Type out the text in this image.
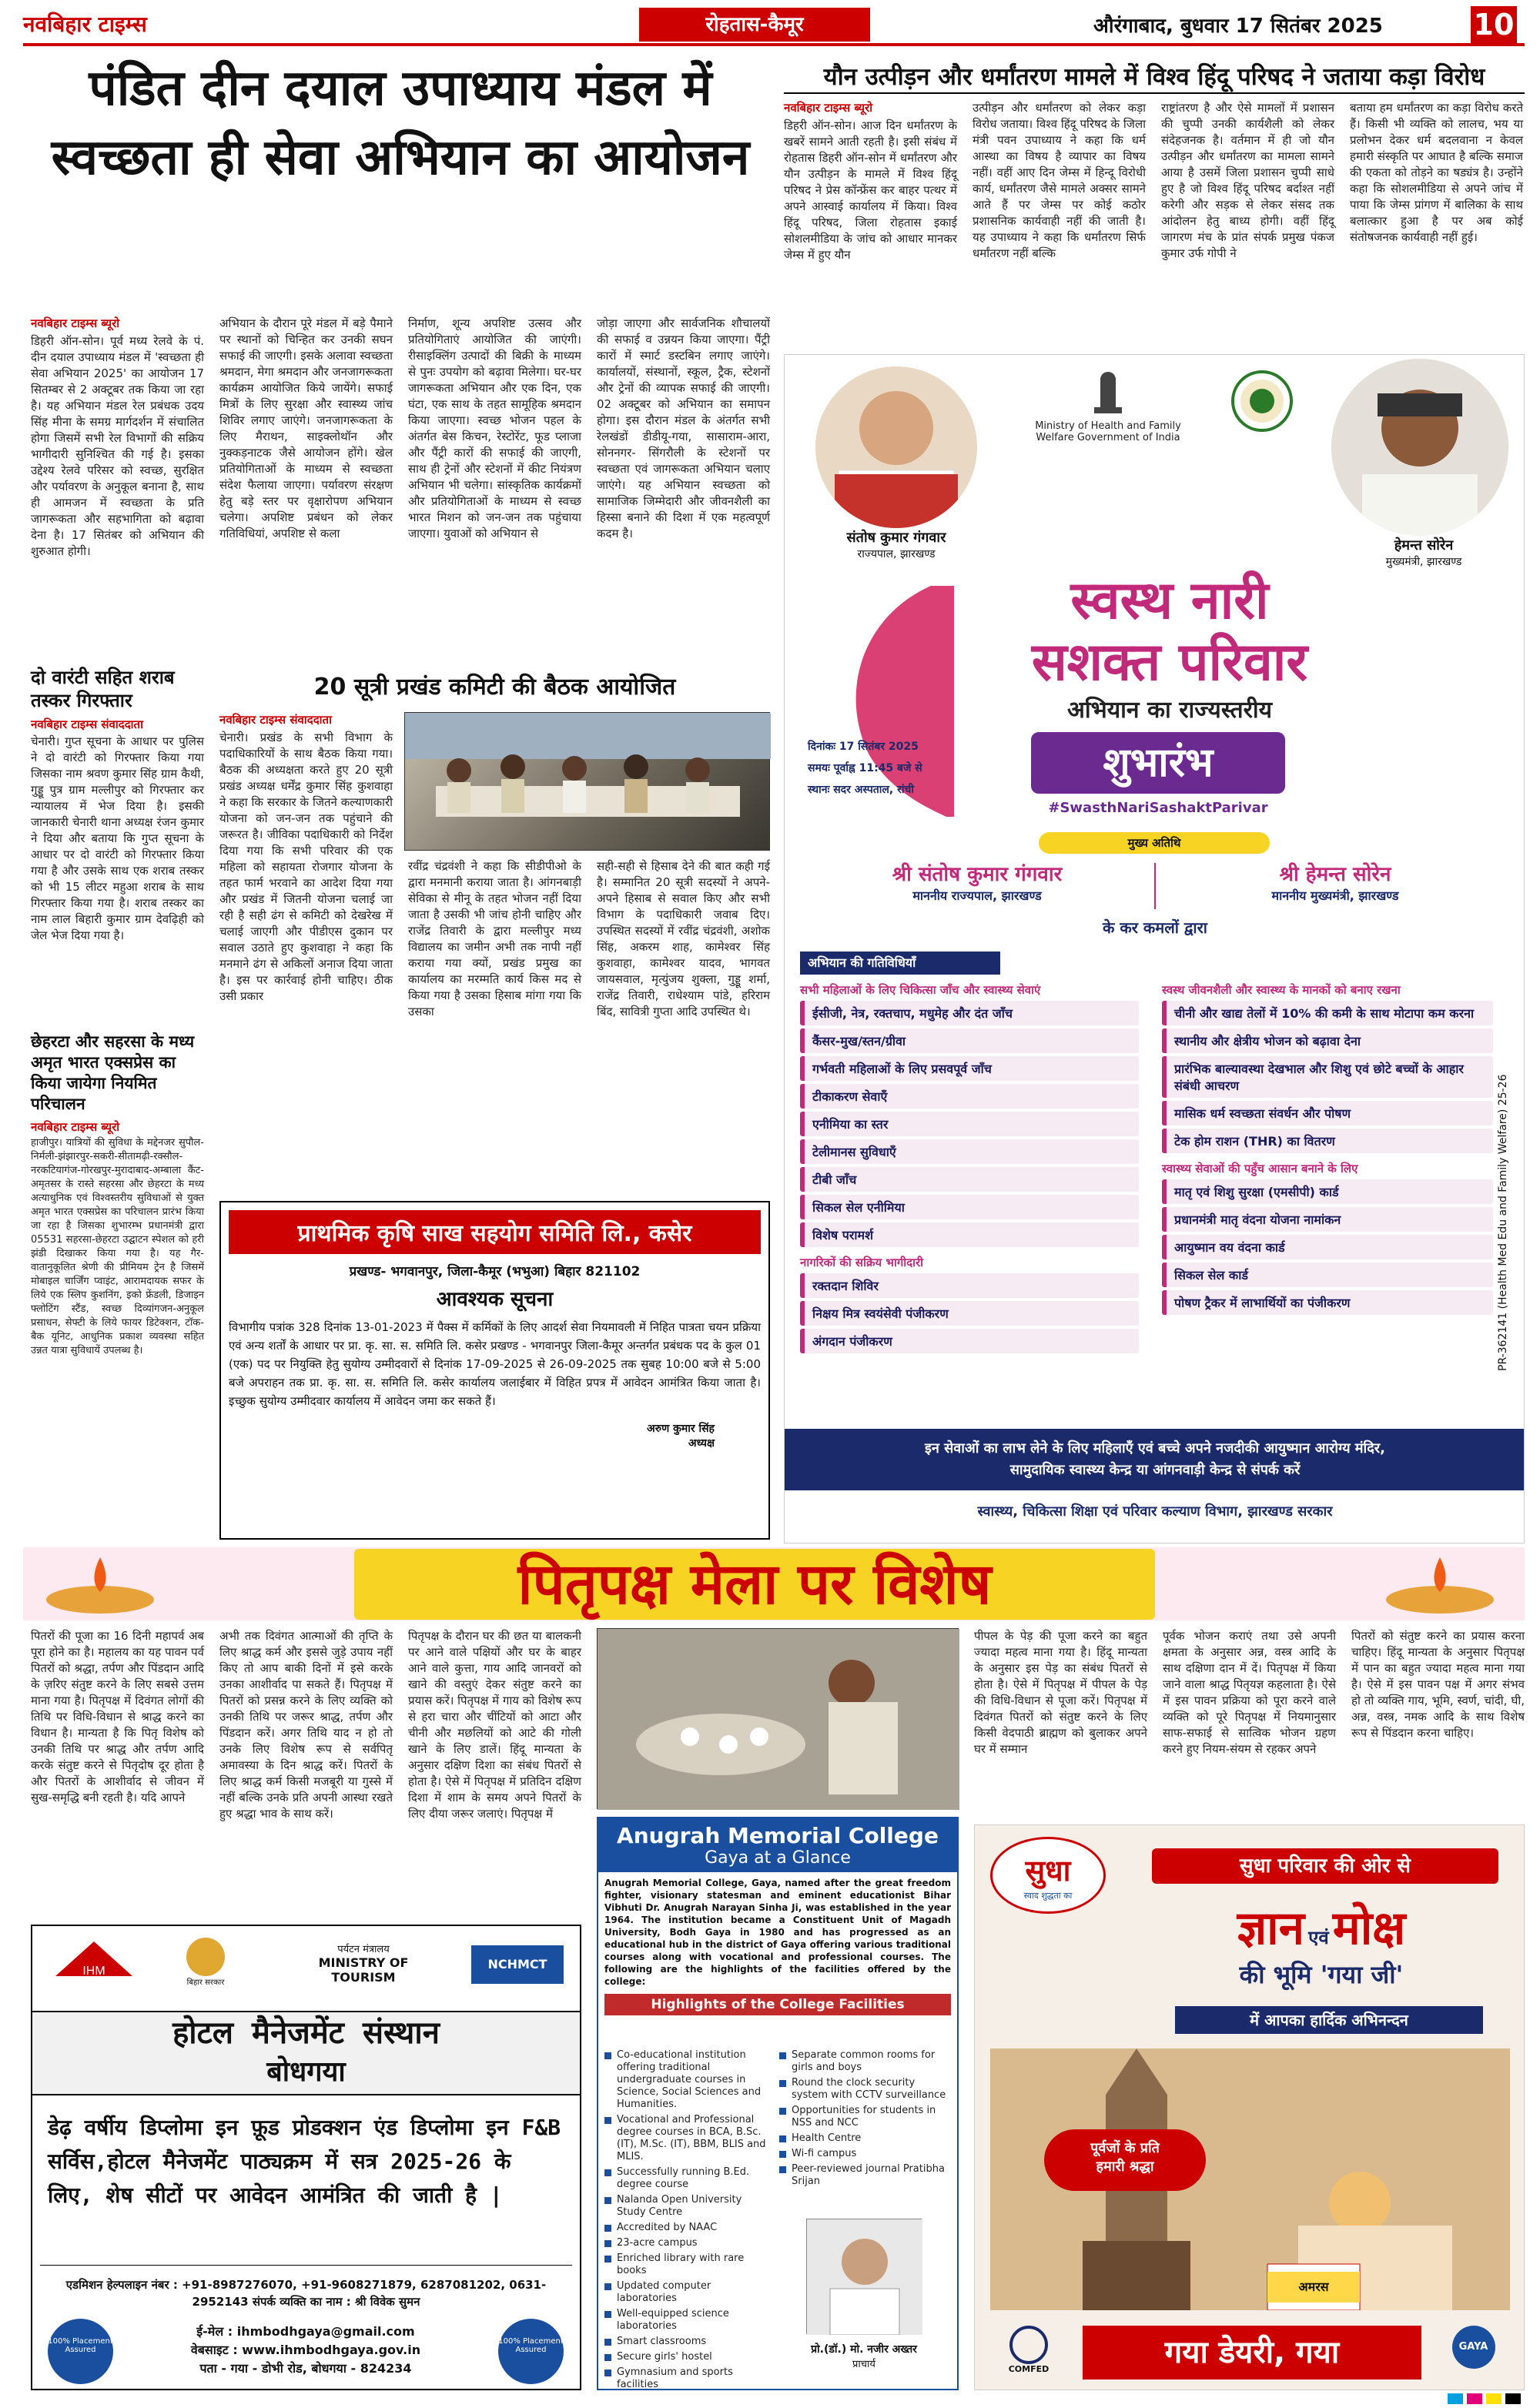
नवबिहार टाइम्स	रोहतास-कैमूर	औरंगाबाद, बुधवार 17 सितंबर 2025	10
पंडित दीन दयाल उपाध्याय मंडल में
स्वच्छता ही सेवा अभियान का आयोजन
यौन उत्पीड़न और धर्मांतरण मामले में विश्व हिंदू परिषद ने जताया कड़ा विरोध
नवबिहार टाइम्स ब्यूरो
डिहरी ऑन-सोन। आज दिन धर्मांतरण के खबरें सामने आती रहती है। इसी संबंध में रोहतास डिहरी ऑन-सोन में धर्मांतरण और यौन उत्पीड़न के मामले में विश्व हिंदू परिषद ने प्रेस कॉन्फ्रेंस कर बाहर पत्थर में अपने आस्वाई कार्यालय में किया। विश्व हिंदू परिषद, जिला रोहतास इकाई सोशलमीडिया के जांच को आधार मानकर जेम्स में हुए यौन
उत्पीड़न और धर्मांतरण को लेकर कड़ा विरोध जताया। विश्व हिंदू परिषद के जिला मंत्री पवन उपाध्याय ने कहा कि धर्म आस्था का विषय है व्यापार का विषय नहीं। वहीं आए दिन जेम्स में हिन्दू विरोधी कार्य, धर्मांतरण जैसे मामले अक्सर सामने आते हैं पर जेम्स पर कोई कठोर प्रशासनिक कार्यवाही नहीं की जाती है। यह उपाध्याय ने कहा कि धर्मांतरण सिर्फ धर्मांतरण नहीं बल्कि
राष्ट्रांतरण है और ऐसे मामलों में प्रशासन की चुप्पी उनकी कार्यशैली को लेकर संदेहजनक है। वर्तमान में ही जो यौन उत्पीड़न और धर्मांतरण का मामला सामने आया है उसमें जिला प्रशासन चुप्पी साधे हुए है जो विश्व हिंदू परिषद बर्दाश्त नहीं करेगी और सड़क से लेकर संसद तक आंदोलन हेतु बाध्य होगी। वहीं हिंदू जागरण मंच के प्रांत संपर्क प्रमुख पंकज कुमार उर्फ गोपी ने
बताया हम धर्मांतरण का कड़ा विरोध करते हैं। किसी भी व्यक्ति को लालच, भय या प्रलोभन देकर धर्म बदलवाना न केवल हमारी संस्कृति पर आघात है बल्कि समाज की एकता को तोड़ने का षड्यंत्र है। उन्होंने कहा कि सोशलमीडिया से अपने जांच में पाया कि जेम्स प्रांगण में बालिका के साथ बलात्कार हुआ है पर अब कोई संतोषजनक कार्यवाही नहीं हुई।
नवबिहार टाइम्स ब्यूरो
डिहरी ऑन-सोन। पूर्व मध्य रेलवे के पं. दीन दयाल उपाध्याय मंडल में 'स्वच्छता ही सेवा अभियान 2025' का आयोजन 17 सितम्बर से 2 अक्टूबर तक किया जा रहा है। यह अभियान मंडल रेल प्रबंधक उदय सिंह मीना के समग्र मार्गदर्शन में संचालित होगा जिसमें सभी रेल विभागों की सक्रिय भागीदारी सुनिश्चित की गई है। इसका उद्देश्य रेलवे परिसर को स्वच्छ, सुरक्षित और पर्यावरण के अनुकूल बनाना है, साथ ही आमजन में स्वच्छता के प्रति जागरूकता और सहभागिता को बढ़ावा देना है। 17 सितंबर को अभियान की शुरुआत होगी।
अभियान के दौरान पूरे मंडल में बड़े पैमाने पर स्थानों को चिन्हित कर उनकी सघन सफाई की जाएगी। इसके अलावा स्वच्छता श्रमदान, मेगा श्रमदान और जनजागरूकता कार्यक्रम आयोजित किये जायेंगे। सफाई मित्रों के लिए सुरक्षा और स्वास्थ्य जांच शिविर लगाए जाएंगे। जनजागरूकता के लिए मैराथन, साइक्लोथॉन और नुक्कड़नाटक जैसे आयोजन होंगे। खेल प्रतियोगिताओं के माध्यम से स्वच्छता संदेश फैलाया जाएगा। पर्यावरण संरक्षण हेतु बड़े स्तर पर वृक्षारोपण अभियान चलेगा। अपशिष्ट प्रबंधन को लेकर गतिविधियां, अपशिष्ट से कला
निर्माण, शून्य अपशिष्ट उत्सव और प्रतियोगिताएं आयोजित की जाएंगी। रीसाइक्लिंग उत्पादों की बिक्री के माध्यम से पुनः उपयोग को बढ़ावा मिलेगा। घर-घर जागरूकता अभियान और एक दिन, एक घंटा, एक साथ के तहत सामूहिक श्रमदान किया जाएगा। स्वच्छ भोजन पहल के अंतर्गत बेस किचन, रेस्टोरेंट, फूड प्लाजा और पैंट्री कारों की सफाई की जाएगी, साथ ही ट्रेनों और स्टेशनों में कीट नियंत्रण अभियान भी चलेगा। सांस्कृतिक कार्यक्रमों और प्रतियोगिताओं के माध्यम से स्वच्छ भारत मिशन को जन-जन तक पहुंचाया जाएगा। युवाओं को अभियान से
जोड़ा जाएगा और सार्वजनिक शौचालयों की सफाई व उन्नयन किया जाएगा। पैंट्री कारों में स्मार्ट डस्टबिन लगाए जाएंगे। कार्यालयों, संस्थानों, स्कूल, ट्रैक, स्टेशनों और ट्रेनों की व्यापक सफाई की जाएगी। 02 अक्टूबर को अभियान का समापन होगा। इस दौरान मंडल के अंतर्गत सभी रेलखंडों डीडीयू-गया, सासाराम-आरा, सोननगर- सिंगरौली के स्टेशनों पर स्वच्छता एवं जागरूकता अभियान चलाए जाएंगे। यह अभियान स्वच्छता को सामाजिक जिम्मेदारी और जीवनशैली का हिस्सा बनाने की दिशा में एक महत्वपूर्ण कदम है।
दो वारंटी सहित शराब तस्कर गिरफ्तार
नवबिहार टाइम्स संवाददाता
चेनारी। गुप्त सूचना के आधार पर पुलिस ने दो वारंटी को गिरफ्तार किया गया जिसका नाम श्रवण कुमार सिंह ग्राम कैथी, गुड्डू पुत्र ग्राम मल्लीपुर को गिरफ्तार कर न्यायालय में भेज दिया है। इसकी जानकारी चेनारी थाना अध्यक्ष रंजन कुमार ने दिया और बताया कि गुप्त सूचना के आधार पर दो वारंटी को गिरफ्तार किया गया है और उसके साथ एक शराब तस्कर को भी 15 लीटर महुआ शराब के साथ गिरफ्तार किया गया है। शराब तस्कर का नाम लाल बिहारी कुमार ग्राम देवढ़िही को जेल भेज दिया गया है।
छेहरटा और सहरसा के मध्य अमृत भारत एक्सप्रेस का किया जायेगा नियमित परिचालन
नवबिहार टाइम्स ब्यूरो
हाजीपुर। यात्रियों की सुविधा के मद्देनजर सुपौल-निर्मली-झंझारपुर-सकरी-सीतामढ़ी-रक्सौल-नरकटियागंज-गोरखपुर-मुरादाबाद-अम्बाला कैंट-अमृतसर के रास्ते सहरसा और छेहरटा के मध्य अत्याधुनिक एवं विश्वस्तरीय सुविधाओं से युक्त अमृत भारत एक्सप्रेस का परिचालन प्रारंभ किया जा रहा है जिसका शुभारम्भ प्रधानमंत्री द्वारा 05531 सहरसा-छेहरटा उद्घाटन स्पेशल को हरी झंडी दिखाकर किया गया है। यह गैर-वातानुकूलित श्रेणी की प्रीमियम ट्रेन है जिसमें मोबाइल चार्जिंग प्वाइंट, आरामदायक सफर के लिये एक स्लिप कुशनिंग, इको फ्रेंडली, डिजाइन फ्लोटिंग स्टैंड, स्वच्छ दिव्यांगजन-अनुकूल प्रसाधन, सेफ्टी के लिये फायर डिटेक्शन, टॉक-बैक यूनिट, आधुनिक प्रकाश व्यवस्था सहित उन्नत यात्रा सुविधायें उपलब्ध है।
20 सूत्री प्रखंड कमिटी की बैठक आयोजित
नवबिहार टाइम्स संवाददाता
चेनारी। प्रखंड के सभी विभाग के पदाधिकारियों के साथ बैठक किया गया। बैठक की अध्यक्षता करते हुए 20 सूत्री प्रखंड अध्यक्ष धर्मेंद्र कुमार सिंह कुशवाहा ने कहा कि सरकार के जितने कल्याणकारी योजना को जन-जन तक पहुंचाने की जरूरत है। जीविका पदाधिकारी को निर्देश दिया गया कि सभी परिवार की एक महिला को सहायता रोजगार योजना के तहत फार्म भरवाने का आदेश दिया गया और प्रखंड में जितनी योजना चलाई जा रही है सही ढंग से कमिटी को देखरेख में चलाई जाएगी और पीडीएस दुकान पर सवाल उठाते हुए कुशवाहा ने कहा कि मनमाने ढंग से अकिलों अनाज दिया जाता है। इस पर कार्रवाई होनी चाहिए। ठीक उसी प्रकार
रवींद्र चंद्रवंशी ने कहा कि सीडीपीओ के द्वारा मनमानी कराया जाता है। आंगनबाड़ी सेविका से मीनू के तहत भोजन नहीं दिया जाता है उसकी भी जांच होनी चाहिए और राजेंद्र तिवारी के द्वारा मल्लीपुर मध्य विद्यालय का जमीन अभी तक नापी नहीं कराया गया क्यों, प्रखंड प्रमुख का कार्यालय का मरम्मति कार्य किस मद से किया गया है उसका हिसाब मांगा गया कि उसका
सही-सही से हिसाब देने की बात कही गई है। सम्मानित 20 सूत्री सदस्यों ने अपने-अपने हिसाब से सवाल किए और सभी विभाग के पदाधिकारी जवाब दिए। उपस्थित सदस्यों में रवींद्र चंद्रवंशी, अशोक सिंह, अकरम शाह, कामेश्वर सिंह कुशवाहा, कामेश्वर यादव, भागवत जायसवाल, मृत्युंजय शुक्ला, गुड्डू शर्मा, राजेंद्र तिवारी, राधेश्याम पांडे, हरिराम बिंद, सावित्री गुप्ता आदि उपस्थित थे।
प्राथमिक कृषि साख सहयोग समिति लि., कसेर
प्रखण्ड- भगवानपुर, जिला-कैमूर (भभुआ) बिहार 821102
आवश्यक सूचना
विभागीय पत्रांक 328 दिनांक 13-01-2023 में पैक्स में कर्मिकों के लिए आदर्श सेवा नियमावली में निहित पात्रता चयन प्रक्रिया एवं अन्य शर्तों के आधार पर प्रा. कृ. सा. स. समिति लि. कसेर प्रखण्ड - भगवानपुर जिला-कैमूर अन्तर्गत प्रबंधक पद के कुल 01 (एक) पद पर नियुक्ति हेतु सुयोग्य उम्मीदवारों से दिनांक 17-09-2025 से 26-09-2025 तक सुबह 10:00 बजे से 5:00 बजे अपराहन तक प्रा. कृ. सा. स. समिति लि. कसेर कार्यालय जलाईबार में विहित प्रपत्र में आवेदन आमंत्रित किया जाता है। इच्छुक सुयोग्य उम्मीदवार कार्यालय में आवेदन जमा कर सकते हैं।
अरुण कुमार सिंह
अध्यक्ष
Ministry of Health and Family Welfare Government of India
संतोष कुमार गंगवार
राज्यपाल, झारखण्ड
हेमन्त सोरेन
मुख्यमंत्री, झारखण्ड
स्वस्थ नारी
सशक्त परिवार
अभियान का राज्यस्तरीय
शुभारंभ
#SwasthNariSashaktParivar
दिनांकः 17 सितंबर 2025
समयः पूर्वाह्न 11:45 बजे से
स्थानः सदर अस्पताल, रांची
मुख्य अतिथि
श्री संतोष कुमार गंगवार
माननीय राज्यपाल, झारखण्ड
श्री हेमन्त सोरेन
माननीय मुख्यमंत्री, झारखण्ड
के कर कमलों द्वारा
अभियान की गतिविधियाँ
सभी महिलाओं के लिए चिकित्सा जाँच और स्वास्थ्य सेवाएं
ईसीजी, नेत्र, रक्तचाप, मधुमेह और दंत जाँच
कैंसर-मुख/स्तन/ग्रीवा
गर्भवती महिलाओं के लिए प्रसवपूर्व जाँच
टीकाकरण सेवाएँ
एनीमिया का स्तर
टेलीमानस सुविधाएँ
टीबी जाँच
सिकल सेल एनीमिया
विशेष परामर्श
नागरिकों की सक्रिय भागीदारी
रक्तदान शिविर
निक्षय मित्र स्वयंसेवी पंजीकरण
अंगदान पंजीकरण
स्वस्थ जीवनशैली और स्वास्थ्य के मानकों को बनाए रखना
चीनी और खाद्य तेलों में 10% की कमी के साथ मोटापा कम करना
स्थानीय और क्षेत्रीय भोजन को बढ़ावा देना
प्रारंभिक बाल्यावस्था देखभाल और शिशु एवं छोटे बच्चों के आहार संबंधी आचरण
मासिक धर्म स्वच्छता संवर्धन और पोषण
टेक होम राशन (THR) का वितरण
स्वास्थ्य सेवाओं की पहुँच आसान बनाने के लिए
मातृ एवं शिशु सुरक्षा (एमसीपी) कार्ड
प्रधानमंत्री मातृ वंदना योजना नामांकन
आयुष्मान वय वंदना कार्ड
सिकल सेल कार्ड
पोषण ट्रैकर में लाभार्थियों का पंजीकरण	PR-362141 (Health Med Edu and Family Welfare) 25-26
इन सेवाओं का लाभ लेने के लिए महिलाएँ एवं बच्चे अपने नजदीकी आयुष्मान आरोग्य मंदिर,
सामुदायिक स्वास्थ्य केन्द्र या आंगनवाड़ी केन्द्र से संपर्क करें
स्वास्थ्य, चिकित्सा शिक्षा एवं परिवार कल्याण विभाग, झारखण्ड सरकार
पितृपक्ष मेला पर विशेष
पितरों की पूजा का 16 दिनी महापर्व अब पूरा होने का है। महालय का यह पावन पर्व पितरों को श्रद्धा, तर्पण और पिंडदान आदि के ज़रिए संतुष्ट करने के लिए सबसे उत्तम माना गया है। पितृपक्ष में दिवंगत लोगों की तिथि पर विधि-विधान से श्राद्ध करने का विधान है। मान्यता है कि पितृ विशेष को उनकी तिथि पर श्राद्ध और तर्पण आदि करके संतुष्ट करने से पितृदोष दूर होता है और पितरों के आशीर्वाद से जीवन में सुख-समृद्धि बनी रहती है। यदि आपने
अभी तक दिवंगत आत्माओं की तृप्ति के लिए श्राद्ध कर्म और इससे जुड़े उपाय नहीं किए तो आप बाकी दिनों में इसे करके उनका आशीर्वाद पा सकते हैं। पितृपक्ष में पितरों को प्रसन्न करने के लिए व्यक्ति को उनकी तिथि पर जरूर श्राद्ध, तर्पण और पिंडदान करें। अगर तिथि याद न हो तो उनके लिए विशेष रूप से सर्वपितृ अमावस्या के दिन श्राद्ध करें। पितरों के लिए श्राद्ध कर्म किसी मजबूरी या गुस्से में नहीं बल्कि उनके प्रति अपनी आस्था रखते हुए श्रद्धा भाव के साथ करें।
पितृपक्ष के दौरान घर की छत या बालकनी पर आने वाले पक्षियों और घर के बाहर आने वाले कुत्ता, गाय आदि जानवरों को खाने की वस्तुएं देकर संतुष्ट करने का प्रयास करें। पितृपक्ष में गाय को विशेष रूप से हरा चारा और चींटियों को आटा और चीनी और मछलियों को आटे की गोली खाने के लिए डालें। हिंदू मान्यता के अनुसार दक्षिण दिशा का संबंध पितरों से होता है। ऐसे में पितृपक्ष में प्रतिदिन दक्षिण दिशा में शाम के समय अपने पितरों के लिए दीया जरूर जलाएं। पितृपक्ष में
पीपल के पेड़ की पूजा करने का बहुत ज्यादा महत्व माना गया है। हिंदू मान्यता के अनुसार इस पेड़ का संबंध पितरों से होता है। ऐसे में पितृपक्ष में पीपल के पेड़ की विधि-विधान से पूजा करें। पितृपक्ष में दिवंगत पितरों को संतुष्ट करने के लिए किसी वेदपाठी ब्राह्मण को बुलाकर अपने घर में सम्मान
पूर्वक भोजन कराएं तथा उसे अपनी क्षमता के अनुसार अन्न, वस्त्र आदि के साथ दक्षिणा दान में दें। पितृपक्ष में किया जाने वाला श्राद्ध पितृयज्ञ कहलाता है। ऐसे में इस पावन प्रक्रिया को पूरा करने वाले व्यक्ति को पूरे पितृपक्ष में नियमानुसार साफ-सफाई से सात्विक भोजन ग्रहण करने हुए नियम-संयम से रहकर अपने
पितरों को संतुष्ट करने का प्रयास करना चाहिए। हिंदू मान्यता के अनुसार पितृपक्ष में पान का बहुत ज्यादा महत्व माना गया है। ऐसे में इस पावन पक्ष में अगर संभव हो तो व्यक्ति गाय, भूमि, स्वर्ण, चांदी, घी, अन्न, वस्त्र, नमक आदि के साथ विशेष रूप से पिंडदान करना चाहिए।
IHM
बिहार सरकार
पर्यटन मंत्रालय
MINISTRY OF TOURISM
NCHMCT
होटल मैनेजमेंट संस्थान
बोधगया
डेढ़ वर्षीय डिप्लोमा इन फ़ूड प्रोडक्शन एंड डिप्लोमा इन F&B सर्विस,होटल मैनेजमेंट पाठ्यक्रम में सत्र 2025-26 के लिए, शेष सीटों पर आवेदन आमंत्रित की जाती है |
एडमिशन हेल्पलाइन नंबर : +91-8987276070, +91-9608271879, 6287081202, 0631-2952143 संपर्क व्यक्ति का नाम : श्री विवेक सुमन
ई-मेल : ihmbodhgaya@gmail.com
वेबसाइट : www.ihmbodhgaya.gov.in
पता - गया - डोभी रोड, बोधगया - 824234
100% Placement Assured
100% Placement Assured
Anugrah Memorial College
Gaya at a Glance
Anugrah Memorial College, Gaya, named after the great freedom fighter, visionary statesman and eminent educationist Bihar Vibhuti Dr. Anugrah Narayan Sinha Ji, was established in the year 1964. The institution became a Constituent Unit of Magadh University, Bodh Gaya in 1980 and has progressed as an educational hub in the district of Gaya offering various traditional courses along with vocational and professional courses. The following are the highlights of the facilities offered by the college:
Highlights of the College Facilities
Co-educational institution offering traditional undergraduate courses in Science, Social Sciences and Humanities.
Vocational and Professional degree courses in BCA, B.Sc. (IT), M.Sc. (IT), BBM, BLIS and MLIS.
Successfully running B.Ed. degree course
Nalanda Open University Study Centre
Accredited by NAAC
23-acre campus
Enriched library with rare books
Updated computer laboratories
Well-equipped science laboratories
Smart classrooms
Secure girls' hostel
Gymnasium and sports facilities
Separate common rooms for girls and boys
Round the clock security system with CCTV surveillance
Opportunities for students in NSS and NCC
Health Centre
Wi-fi campus
Peer-reviewed journal Pratibha Srijan
प्रो.(डॉ.) मो. नजीर अख्तर
प्राचार्य
सुधा
स्वाद शुद्धता का
सुधा परिवार की ओर से
ज्ञान एवं मोक्ष
की भूमि 'गया जी'
में आपका हार्दिक अभिनन्दन
पूर्वजों के प्रति
हमारी श्रद्धा
अमरस
COMFED	गया डेयरी, गया	GAYA
